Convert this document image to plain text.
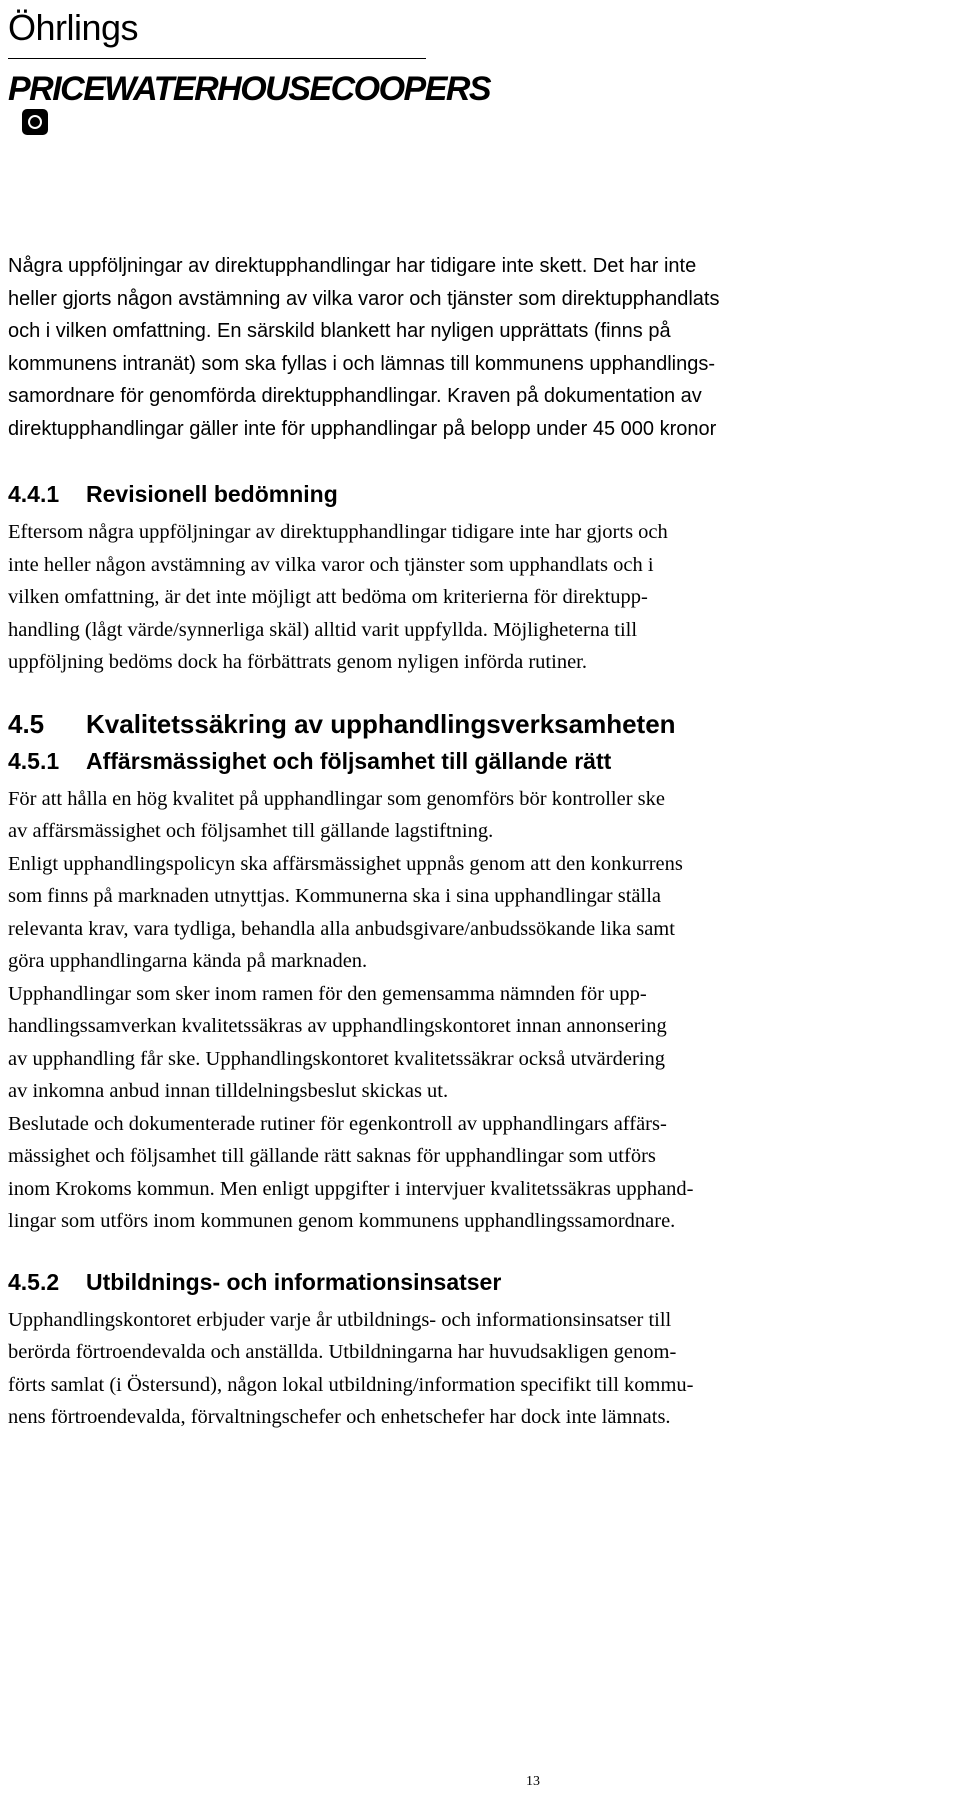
Öhrlings
PRICEWATERHOUSECOOPERS

Några uppföljningar av direktupphandlingar har tidigare inte skett. Det har inte
heller gjorts någon avstämning av vilka varor och tjänster som direktupphandlats
och i vilken omfattning. En särskild blankett har nyligen upprättats (finns på
kommunens intranät) som ska fyllas i och lämnas till kommunens upphandlings-
samordnare för genomförda direktupphandlingar. Kraven på dokumentation av
direktupphandlingar gäller inte för upphandlingar på belopp under 45 000 kronor

4.4.1 Revisionell bedömning

Eftersom några uppföljningar av direktupphandlingar tidigare inte har gjorts och
inte heller någon avstämning av vilka varor och tjänster som upphandlats och i
vilken omfattning, är det inte möjligt att bedöma om kriterierna för direktupp-
handling (lågt värde/synnerliga skäl) alltid varit uppfyllda. Möjligheterna till
uppföljning bedöms dock ha förbättrats genom nyligen införda rutiner.

4.5 Kvalitetssäkring av upphandlingsverksamheten
4.5.1 Affärsmässighet och följsamhet till gällande rätt

För att hålla en hög kvalitet på upphandlingar som genomförs bör kontroller ske
av affärsmässighet och följsamhet till gällande lagstiftning.

Enligt upphandlingspolicyn ska affärsmässighet uppnås genom att den konkurrens
som finns på marknaden utnyttjas. Kommunerna ska i sina upphandlingar ställa
relevanta krav, vara tydliga, behandla alla anbudsgivare/anbudssökande lika samt
göra upphandlingarna kända på marknaden.

Upphandlingar som sker inom ramen för den gemensamma nämnden för upp-
handlingssamverkan kvalitetssäkras av upphandlingskontoret innan annonsering
av upphandling får ske. Upphandlingskontoret kvalitetssäkrar också utvärdering
av inkomna anbud innan tilldelningsbeslut skickas ut.

Beslutade och dokumenterade rutiner för egenkontroll av upphandlingars affärs-
mässighet och följsamhet till gällande rätt saknas för upphandlingar som utförs
inom Krokoms kommun. Men enligt uppgifter i intervjuer kvalitetssäkras upphand-
lingar som utförs inom kommunen genom kommunens upphandlingssamordnare.

4.5.2 Utbildnings- och informationsinsatser

Upphandlingskontoret erbjuder varje år utbildnings- och informationsinsatser till
berörda förtroendevalda och anställda. Utbildningarna har huvudsakligen genom-
förts samlat (i Östersund), någon lokal utbildning/information specifikt till kommu-
nens förtroendevalda, förvaltningschefer och enhetschefer har dock inte lämnats.

13
